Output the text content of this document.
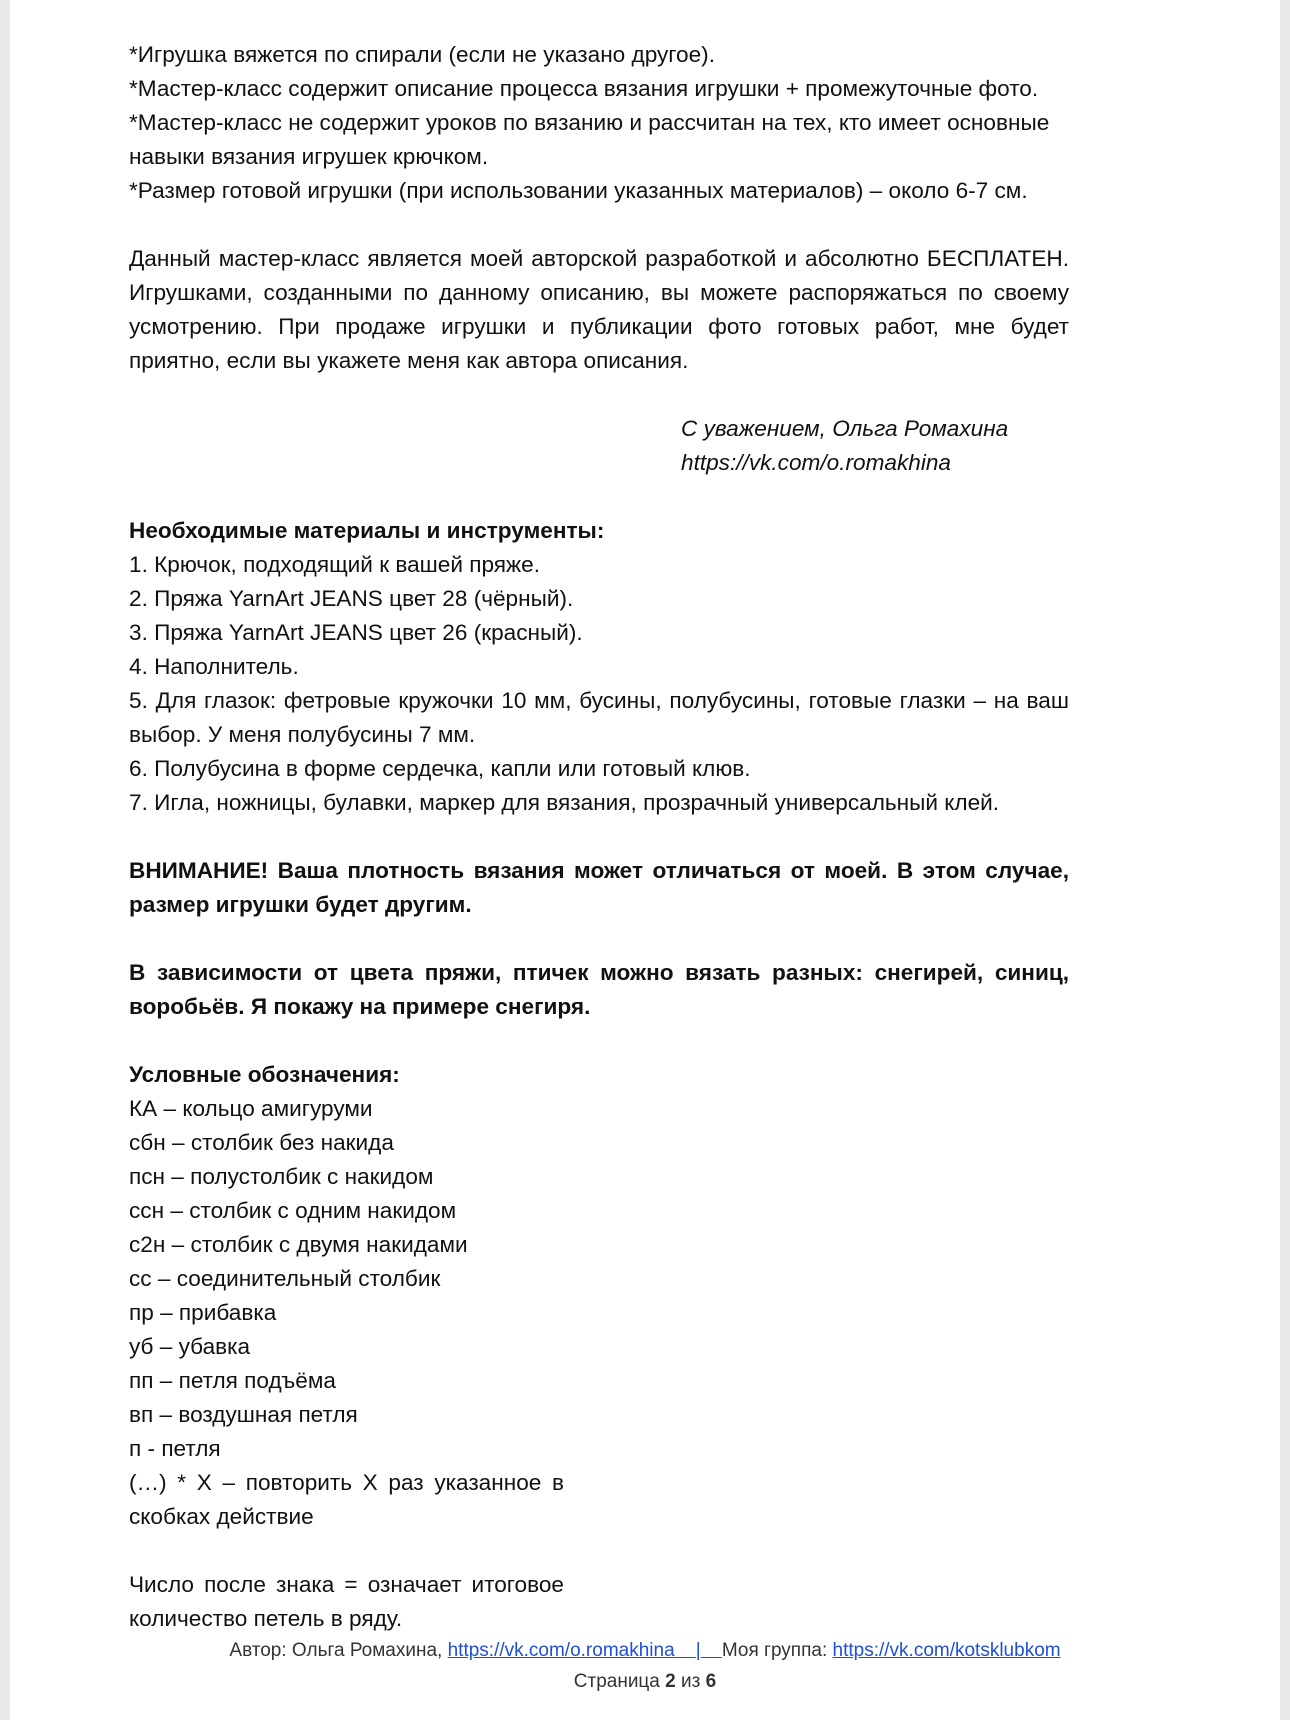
*Игрушка вяжется по спирали (если не указано другое).

*Мастер-класс содержит описание процесса вязания игрушки + промежуточные фото.

*Мастер-класс не содержит уроков по вязанию и рассчитан на тех, кто имеет основные навыки вязания игрушек крючком.

*Размер готовой игрушки (при использовании указанных материалов) – около 6-7 см.

Данный мастер-класс является моей авторской разработкой и абсолютно БЕСПЛАТЕН. Игрушками, созданными по данному описанию, вы можете распоряжаться по своему усмотрению. При продаже игрушки и публикации фото готовых работ, мне будет приятно, если вы укажете меня как автора описания.

С уважением, Ольга Ромахина

https://vk.com/o.romakhina

Необходимые материалы и инструменты:

1. Крючок, подходящий к вашей пряже.
2. Пряжа YarnArt JEANS цвет 28 (чёрный).
3. Пряжа YarnArt JEANS цвет 26 (красный).
4. Наполнитель.
5. Для глазок: фетровые кружочки 10 мм, бусины, полубусины, готовые глазки – на ваш выбор. У меня полубусины 7 мм.
6. Полубусина в форме сердечка, капли или готовый клюв.
7. Игла, ножницы, булавки, маркер для вязания, прозрачный универсальный клей.

ВНИМАНИЕ! Ваша плотность вязания может отличаться от моей. В этом случае, размер игрушки будет другим.

В зависимости от цвета пряжи, птичек можно вязать разных: снегирей, синиц, воробьёв. Я покажу на примере снегиря.

Условные обозначения:

КА – кольцо амигуруми
сбн – столбик без накида
псн – полустолбик с накидом
ссн – столбик с одним накидом
с2н – столбик с двумя накидами
сс – соединительный столбик
пр – прибавка
уб – убавка
пп – петля подъёма
вп – воздушная петля
п - петля

(…) * Х – повторить Х раз указанное в скобках действие

Число после знака = означает итоговое количество петель в ряду.

Автор: Ольга Ромахина, https://vk.com/o.romakhina | Моя группа: https://vk.com/kotsklubkom
Страница 2 из 6
